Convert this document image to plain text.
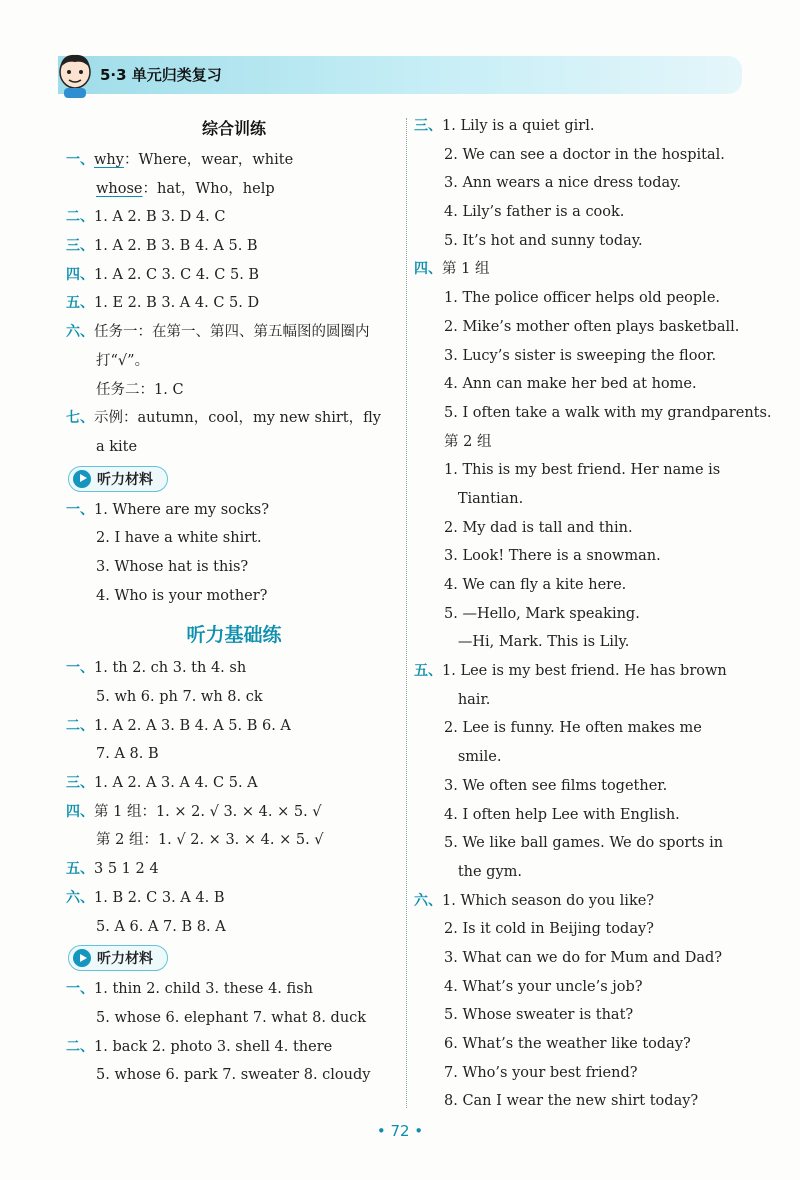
5·3 单元归类复习
综合训练
一、why：Where，wear，white
whose：hat，Who，help
二、1. A 2. B 3. D 4. C
三、1. A 2. B 3. B 4. A 5. B
四、1. A 2. C 3. C 4. C 5. B
五、1. E 2. B 3. A 4. C 5. D
六、任务一：在第一、第四、第五幅图的圆圈内
打“√”。
任务二：1. C
七、示例：autumn，cool，my new shirt，fly
a kite
听力材料
一、1. Where are my socks?
2. I have a white shirt.
3. Whose hat is this?
4. Who is your mother?
听力基础练
一、1. th 2. ch 3. th 4. sh
5. wh 6. ph 7. wh 8. ck
二、1. A 2. A 3. B 4. A 5. B 6. A
7. A 8. B
三、1. A 2. A 3. A 4. C 5. A
四、第 1 组：1. × 2. √ 3. × 4. × 5. √
第 2 组：1. √ 2. × 3. × 4. × 5. √
五、3 5 1 2 4
六、1. B 2. C 3. A 4. B
5. A 6. A 7. B 8. A
听力材料
一、1. thin 2. child 3. these 4. fish
5. whose 6. elephant 7. what 8. duck
二、1. back 2. photo 3. shell 4. there
5. whose 6. park 7. sweater 8. cloudy
三、1. Lily is a quiet girl.
2. We can see a doctor in the hospital.
3. Ann wears a nice dress today.
4. Lily’s father is a cook.
5. It’s hot and sunny today.
四、第 1 组
1. The police officer helps old people.
2. Mike’s mother often plays basketball.
3. Lucy’s sister is sweeping the floor.
4. Ann can make her bed at home.
5. I often take a walk with my grandparents.
第 2 组
1. This is my best friend. Her name is
Tiantian.
2. My dad is tall and thin.
3. Look! There is a snowman.
4. We can fly a kite here.
5. —Hello, Mark speaking.
—Hi, Mark. This is Lily.
五、1. Lee is my best friend. He has brown
hair.
2. Lee is funny. He often makes me
smile.
3. We often see films together.
4. I often help Lee with English.
5. We like ball games. We do sports in
the gym.
六、1. Which season do you like?
2. Is it cold in Beijing today?
3. What can we do for Mum and Dad?
4. What’s your uncle’s job?
5. Whose sweater is that?
6. What’s the weather like today?
7. Who’s your best friend?
8. Can I wear the new shirt today?
• 72 •
